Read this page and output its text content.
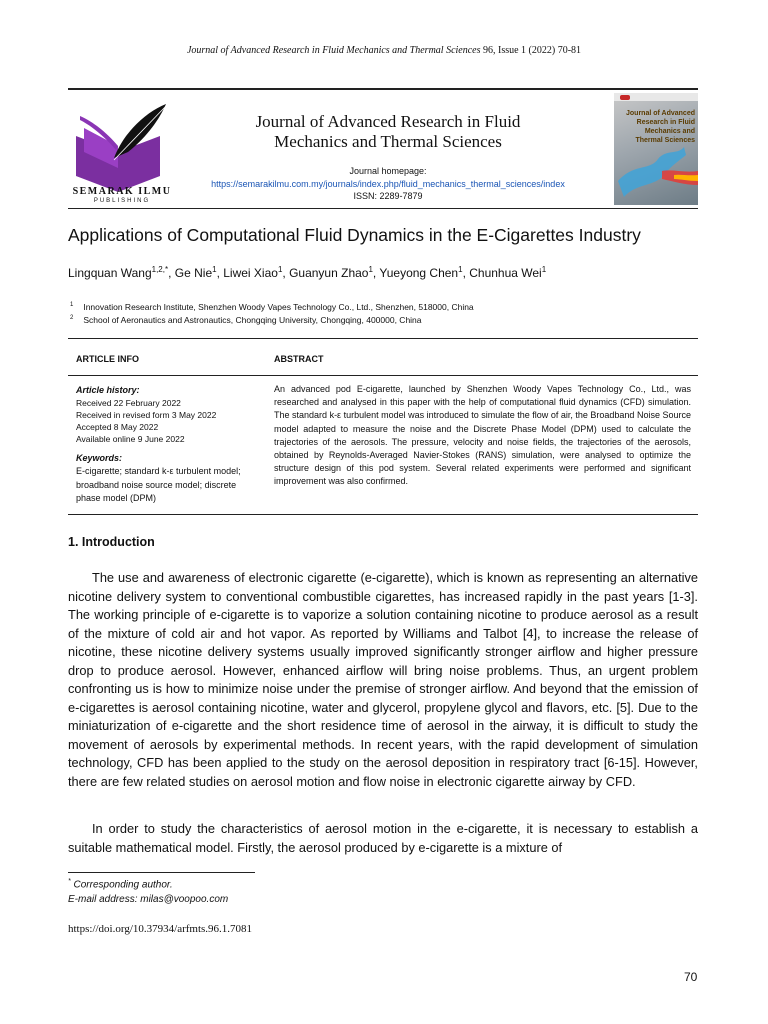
Journal of Advanced Research in Fluid Mechanics and Thermal Sciences 96, Issue 1 (2022) 70-81
SEMARAK ILMU
PUBLISHING
Journal of Advanced Research in Fluid
Mechanics and Thermal Sciences
Journal homepage:
https://semarakilmu.com.my/journals/index.php/fluid_mechanics_thermal_sciences/index
ISSN: 2289-7879
Journal of Advanced Research in Fluid Mechanics and Thermal Sciences
Applications of Computational Fluid Dynamics in the E-Cigarettes Industry
Lingquan Wang$^{1,2,*}$, Ge Nie$^1$, Liwei Xiao$^1$, Guanyun Zhao$^1$, Yueyong Chen$^1$, Chunhua Wei$^1$
$^1$ Innovation Research Institute, Shenzhen Woody Vapes Technology Co., Ltd., Shenzhen, 518000, China
$^2$ School of Aeronautics and Astronautics, Chongqing University, Chongqing, 400000, China
ARTICLE INFO	ABSTRACT
Article history:
Received 22 February 2022
Received in revised form 3 May 2022
Accepted 8 May 2022
Available online 9 June 2022
Keywords:
E-cigarette; standard k-ε turbulent model; broadband noise source model; discrete phase model (DPM)
An advanced pod E-cigarette, launched by Shenzhen Woody Vapes Technology Co., Ltd., was researched and analysed in this paper with the help of computational fluid dynamics (CFD) simulation. The standard k-ε turbulent model was introduced to simulate the flow of air, the Broadband Noise Source model adapted to measure the noise and the Discrete Phase Model (DPM) used to calculate the trajectories of the aerosols. The pressure, velocity and noise fields, the trajectories of the aerosols, obtained by Reynolds-Averaged Navier-Stokes (RANS) simulation, were analysed to optimize the structure design of this pod system. Several related experiments were performed and significant improvement was also confirmed.
1. Introduction
The use and awareness of electronic cigarette (e-cigarette), which is known as representing an alternative nicotine delivery system to conventional combustible cigarettes, has increased rapidly in the past years [1-3]. The working principle of e-cigarette is to vaporize a solution containing nicotine to produce aerosol as a result of the mixture of cold air and hot vapor. As reported by Williams and Talbot [4], to increase the release of nicotine, these nicotine delivery systems usually improved significantly stronger airflow and higher pressure drop to produce aerosol. However, enhanced airflow will bring noise problems. Thus, an urgent problem confronting us is how to minimize noise under the premise of stronger airflow. And beyond that the emission of e-cigarettes is aerosol containing nicotine, water and glycerol, propylene glycol and flavors, etc. [5]. Due to the miniaturization of e-cigarette and the short residence time of aerosol in the airway, it is difficult to study the movement of aerosols by experimental methods. In recent years, with the rapid development of simulation technology, CFD has been applied to the study on the aerosol deposition in respiratory tract [6-15]. However, there are few related studies on aerosol motion and flow noise in electronic cigarette airway by CFD.
In order to study the characteristics of aerosol motion in the e-cigarette, it is necessary to establish a suitable mathematical model. Firstly, the aerosol produced by e-cigarette is a mixture of
* Corresponding author.
E-mail address: milas@voopoo.com
https://doi.org/10.37934/arfmts.96.1.7081
70
